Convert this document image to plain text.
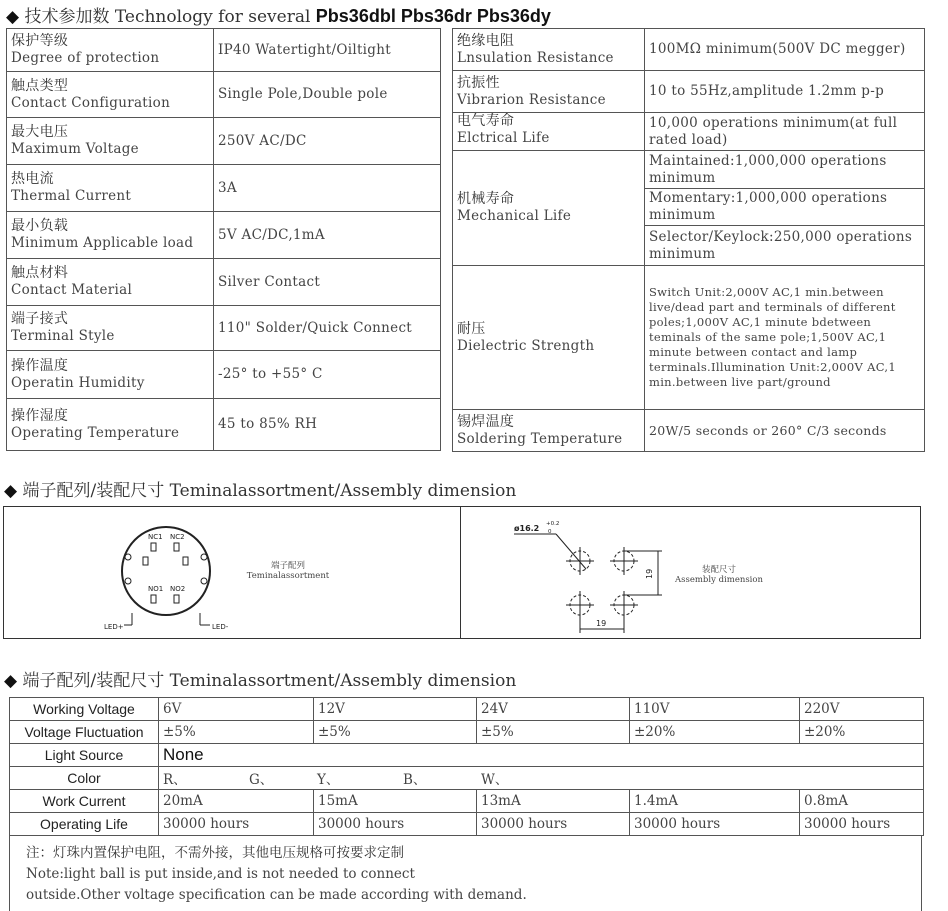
◆ 技术参加数 Technology for several Pbs36dbl Pbs36dr Pbs36dy
保护等级
Degree of protection	IP40 Watertight/Oiltight

触点类型
Contact Configuration	Single Pole,Double pole

最大电压
Maximum Voltage	250V AC/DC

热电流
Thermal Current	3A

最小负载
Minimum Applicable load	5V AC/DC,1mA

触点材料
Contact Material	Silver Contact

端子接式
Terminal Style	110" Solder/Quick Connect

操作温度
Operatin Humidity	-25° to +55° C

操作湿度
Operating Temperature	45 to 85% RH
绝缘电阻
Lnsulation Resistance	100MΩ minimum(500V DC megger)

抗振性
Vibrarion Resistance	10 to 55Hz,amplitude 1.2mm p-p

电气寿命
Elctrical Life	10,000 operations minimum(at full rated load)

机械寿命
Mechanical Life	Maintained:1,000,000 operations minimum
	Momentary:1,000,000 operations minimum
	Selector/Keylock:250,000 operations minimum

耐压
Dielectric Strength	Switch Unit:2,000V AC,1 min.between live/dead part and terminals of different poles;1,000V AC,1 minute bdetween teminals of the same pole;1,500V AC,1 minute between contact and lamp terminals.Illumination Unit:2,000V AC,1 min.between live part/ground

锡焊温度
Soldering Temperature	20W/5 seconds or 260° C/3 seconds
◆ 端子配列/装配尺寸 Teminalassortment/Assembly dimension
NC1 NC2
NO1 NO2
LED+	LED-
端子配列
Teminalassortment
ø16.2 +0.2
0
19
19
装配尺寸
Assembly dimension
◆ 端子配列/装配尺寸 Teminalassortment/Assembly dimension
Working Voltage	6V	12V	24V	110V	220V
Voltage Fluctuation	±5%	±5%	±5%	±20%	±20%
Light Source	None				
Color	R、 G、 Y、 B、 W、				
Work Current	20mA	15mA	13mA	1.4mA	0.8mA
Operating Life	30000 hours	30000 hours	30000 hours	30000 hours	30000 hours
注：灯珠内置保护电阻，不需外接，其他电压规格可按要求定制
Note:light ball is put inside,and is not needed to connect
outside.Other voltage specification can be made according with demand.
